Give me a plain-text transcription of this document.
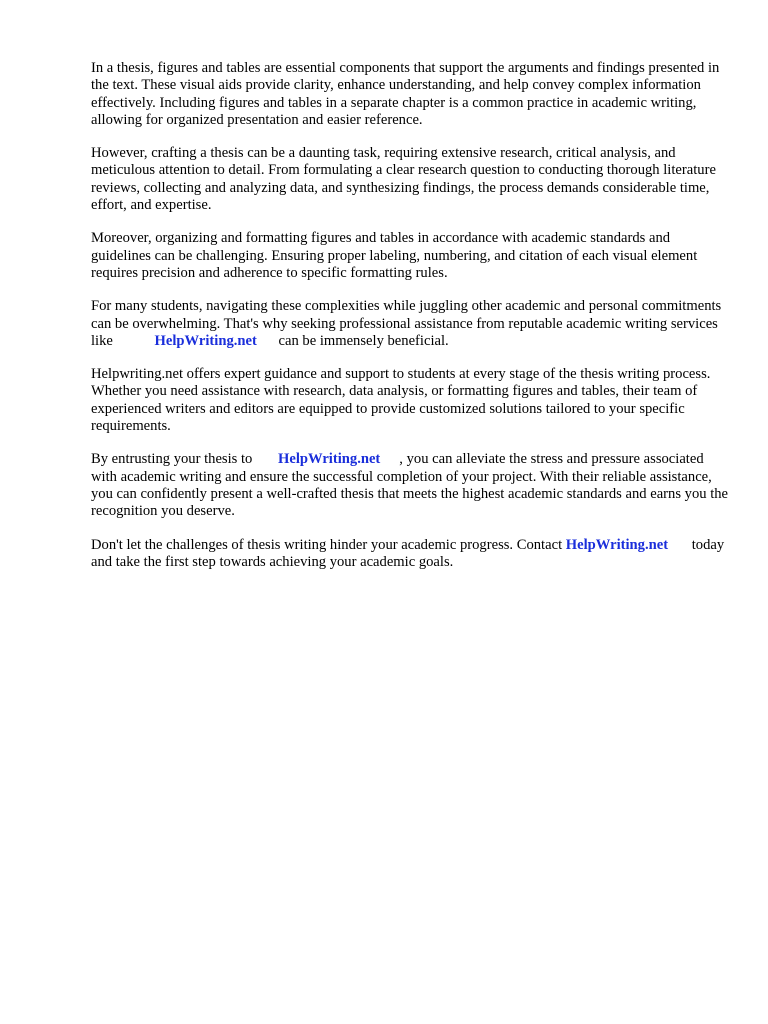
In a thesis, figures and tables are essential components that support the arguments and findings presented in the text. These visual aids provide clarity, enhance understanding, and help convey complex information effectively. Including figures and tables in a separate chapter is a common practice in academic writing, allowing for organized presentation and easier reference.

However, crafting a thesis can be a daunting task, requiring extensive research, critical analysis, and meticulous attention to detail. From formulating a clear research question to conducting thorough literature reviews, collecting and analyzing data, and synthesizing findings, the process demands considerable time, effort, and expertise.

Moreover, organizing and formatting figures and tables in accordance with academic standards and guidelines can be challenging. Ensuring proper labeling, numbering, and citation of each visual element requires precision and adherence to specific formatting rules.

For many students, navigating these complexities while juggling other academic and personal commitments can be overwhelming. That's why seeking professional assistance from reputable academic writing services like	HelpWriting.net can be immensely beneficial.

Helpwriting.net offers expert guidance and support to students at every stage of the thesis writing process. Whether you need assistance with research, data analysis, or formatting figures and tables, their team of experienced writers and editors are equipped to provide customized solutions tailored to your specific requirements.

By entrusting your thesis to HelpWriting.net , you can alleviate the stress and pressure associated with academic writing and ensure the successful completion of your project. With their reliable assistance, you can confidently present a well-crafted thesis that meets the highest academic standards and earns you the recognition you deserve.

Don't let the challenges of thesis writing hinder your academic progress. Contact HelpWriting.net today and take the first step towards achieving your academic goals.
